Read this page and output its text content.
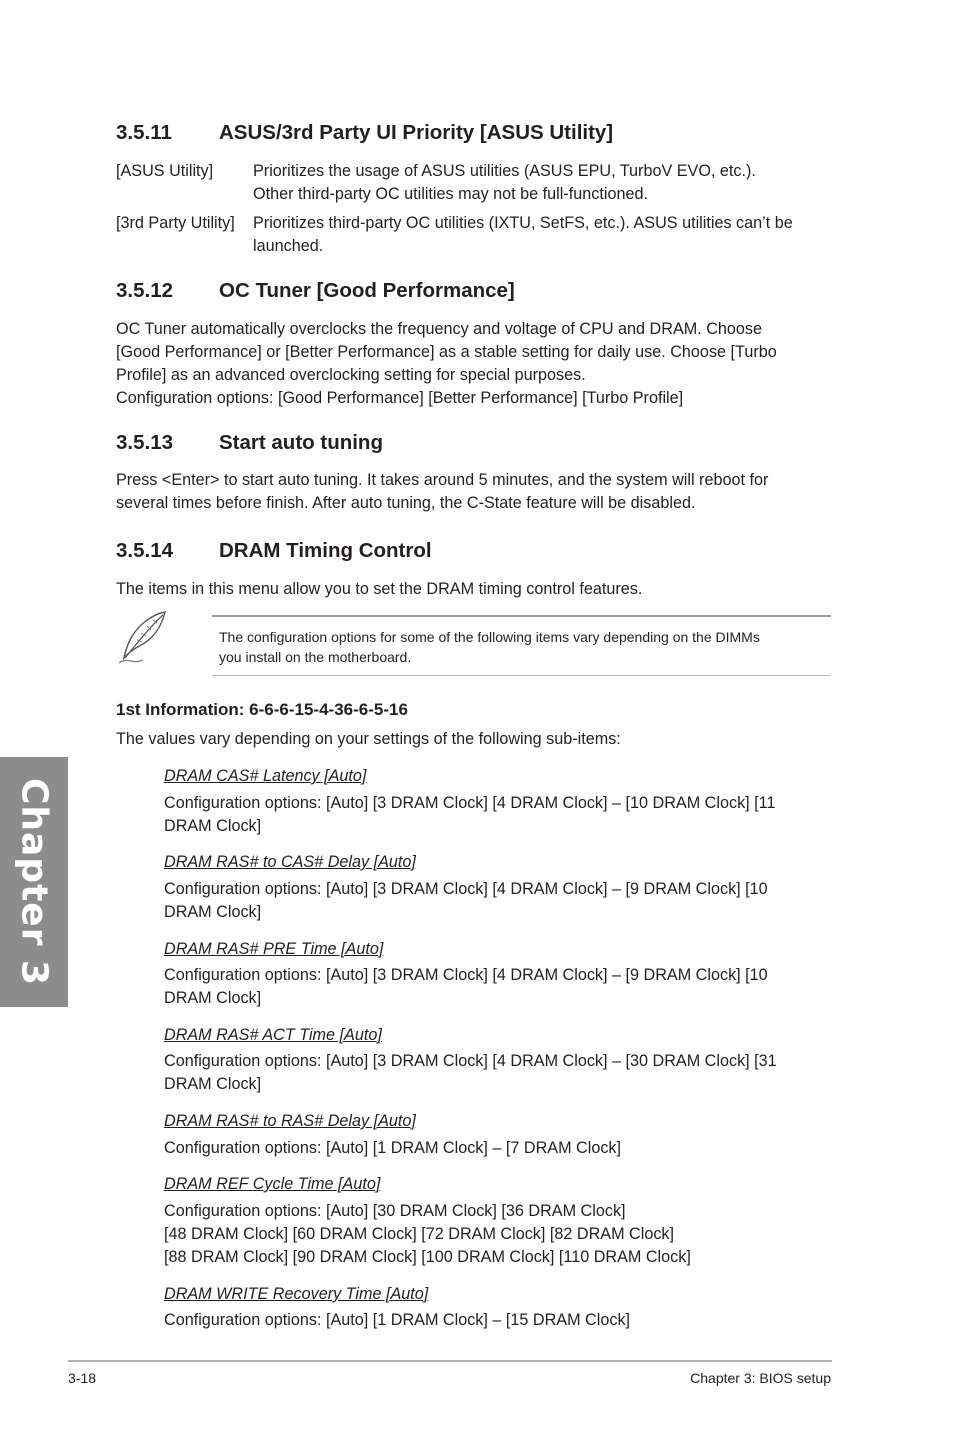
3.5.11 ASUS/3rd Party UI Priority [ASUS Utility]
[ASUS Utility] Prioritizes the usage of ASUS utilities (ASUS EPU, TurboV EVO, etc.).
Other third-party OC utilities may not be full-functioned.
[3rd Party Utility] Prioritizes third-party OC utilities (IXTU, SetFS, etc.). ASUS utilities can’t be
launched.
3.5.12 OC Tuner [Good Performance]
OC Tuner automatically overclocks the frequency and voltage of CPU and DRAM. Choose
[Good Performance] or [Better Performance] as a stable setting for daily use. Choose [Turbo
Profile] as an advanced overclocking setting for special purposes.
Configuration options: [Good Performance] [Better Performance] [Turbo Profile]
3.5.13 Start auto tuning
Press <Enter> to start auto tuning. It takes around 5 minutes, and the system will reboot for
several times before finish. After auto tuning, the C-State feature will be disabled.
3.5.14 DRAM Timing Control
The items in this menu allow you to set the DRAM timing control features.
The configuration options for some of the following items vary depending on the DIMMs
you install on the motherboard.
1st Information: 6-6-6-15-4-36-6-5-16
The values vary depending on your settings of the following sub-items:
DRAM CAS# Latency [Auto]
Configuration options: [Auto] [3 DRAM Clock] [4 DRAM Clock] – [10 DRAM Clock] [11
DRAM Clock]
DRAM RAS# to CAS# Delay [Auto]
Configuration options: [Auto] [3 DRAM Clock] [4 DRAM Clock] – [9 DRAM Clock] [10
DRAM Clock]
DRAM RAS# PRE Time [Auto]
Configuration options: [Auto] [3 DRAM Clock] [4 DRAM Clock] – [9 DRAM Clock] [10
DRAM Clock]
DRAM RAS# ACT Time [Auto]
Configuration options: [Auto] [3 DRAM Clock] [4 DRAM Clock] – [30 DRAM Clock] [31
DRAM Clock]
DRAM RAS# to RAS# Delay [Auto]
Configuration options: [Auto] [1 DRAM Clock] – [7 DRAM Clock]
DRAM REF Cycle Time [Auto]
Configuration options: [Auto] [30 DRAM Clock] [36 DRAM Clock]
[48 DRAM Clock] [60 DRAM Clock] [72 DRAM Clock] [82 DRAM Clock]
[88 DRAM Clock] [90 DRAM Clock] [100 DRAM Clock] [110 DRAM Clock]
DRAM WRITE Recovery Time [Auto]
Configuration options: [Auto] [1 DRAM Clock] – [15 DRAM Clock]
Chapter 3
3-18	Chapter 3: BIOS setup
